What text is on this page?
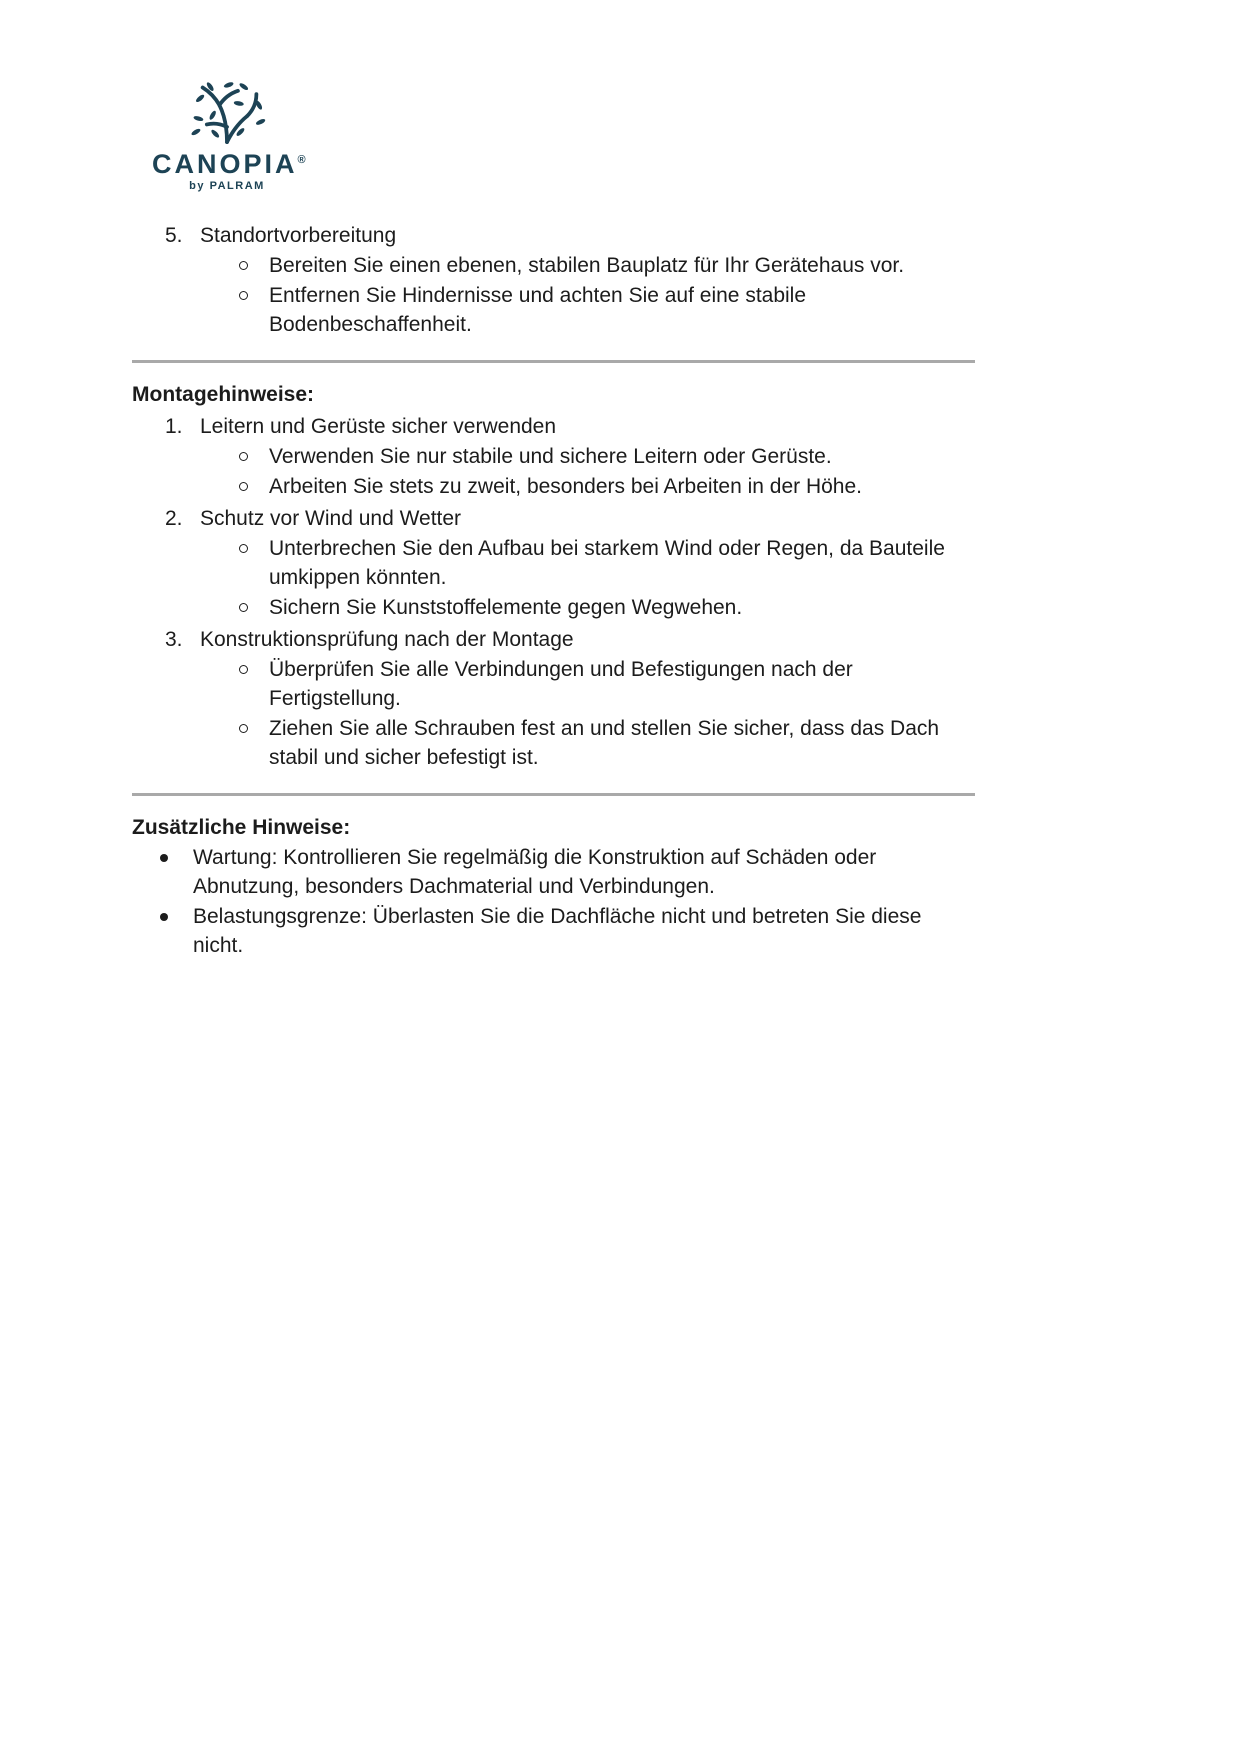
CANOPIA®
by PALRAM
5. Standortvorbereitung
Bereiten Sie einen ebenen, stabilen Bauplatz für Ihr Gerätehaus vor.
Entfernen Sie Hindernisse und achten Sie auf eine stabile Bodenbeschaffenheit.
Montagehinweise:
1. Leitern und Gerüste sicher verwenden
Verwenden Sie nur stabile und sichere Leitern oder Gerüste.
Arbeiten Sie stets zu zweit, besonders bei Arbeiten in der Höhe.
2. Schutz vor Wind und Wetter
Unterbrechen Sie den Aufbau bei starkem Wind oder Regen, da Bauteile umkippen könnten.
Sichern Sie Kunststoffelemente gegen Wegwehen.
3. Konstruktionsprüfung nach der Montage
Überprüfen Sie alle Verbindungen und Befestigungen nach der Fertigstellung.
Ziehen Sie alle Schrauben fest an und stellen Sie sicher, dass das Dach stabil und sicher befestigt ist.
Zusätzliche Hinweise:
Wartung: Kontrollieren Sie regelmäßig die Konstruktion auf Schäden oder Abnutzung, besonders Dachmaterial und Verbindungen.
Belastungsgrenze: Überlasten Sie die Dachfläche nicht und betreten Sie diese nicht.
